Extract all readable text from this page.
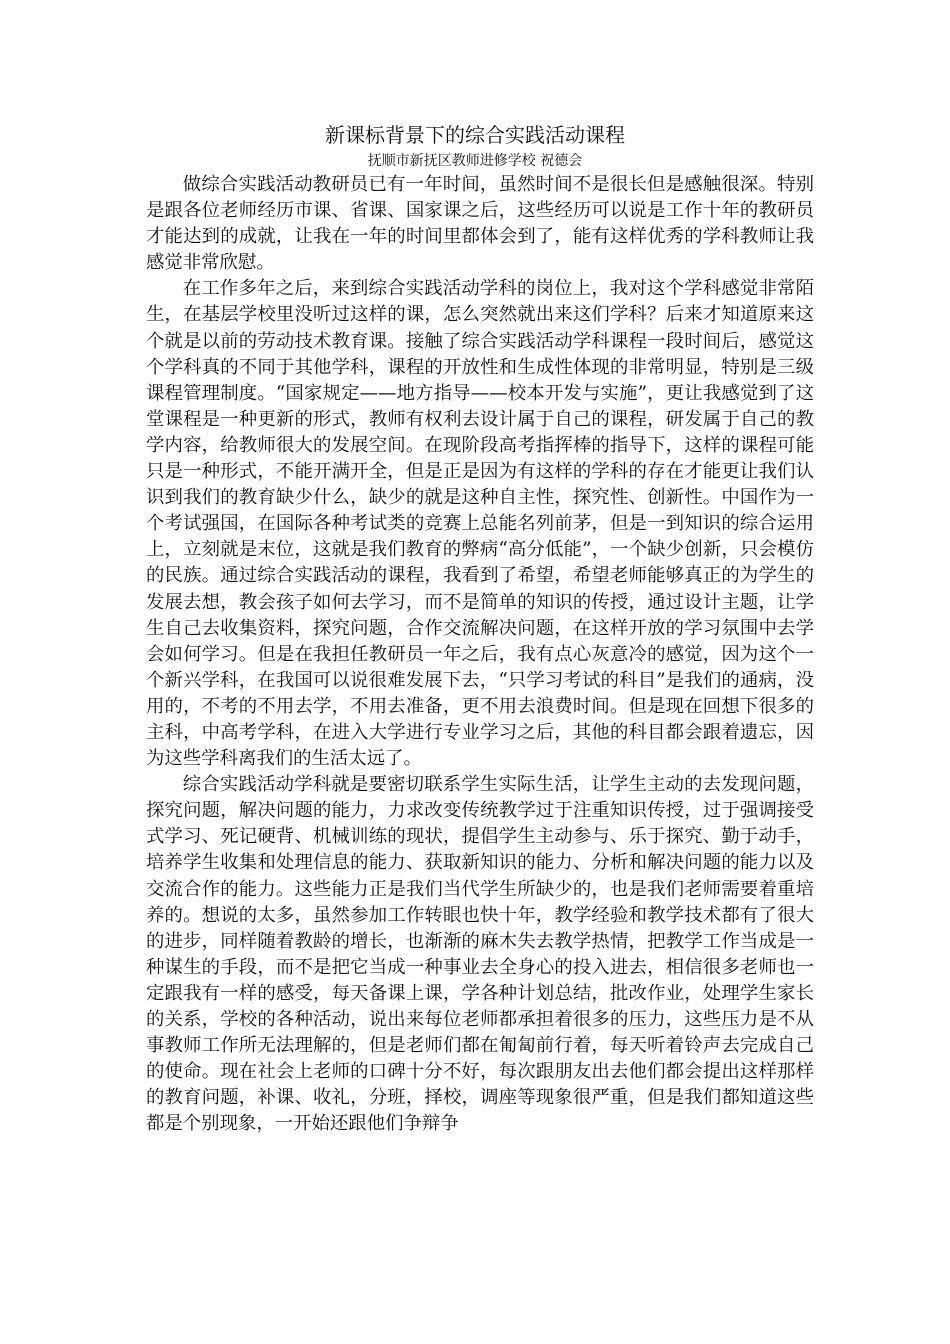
新课标背景下的综合实践活动课程
抚顺市新抚区教师进修学校 祝德会

做综合实践活动教研员已有一年时间，虽然时间不是很长但是感触很深。特别是跟各位老师经历市课、省课、国家课之后，这些经历可以说是工作十年的教研员才能达到的成就，让我在一年的时间里都体会到了，能有这样优秀的学科教师让我感觉非常欣慰。

在工作多年之后，来到综合实践活动学科的岗位上，我对这个学科感觉非常陌生，在基层学校里没听过这样的课，怎么突然就出来这们学科？后来才知道原来这个就是以前的劳动技术教育课。接触了综合实践活动学科课程一段时间后，感觉这个学科真的不同于其他学科，课程的开放性和生成性体现的非常明显，特别是三级课程管理制度。“国家规定——地方指导——校本开发与实施”，更让我感觉到了这堂课程是一种更新的形式，教师有权利去设计属于自己的课程，研发属于自己的教学内容，给教师很大的发展空间。在现阶段高考指挥棒的指导下，这样的课程可能只是一种形式，不能开满开全，但是正是因为有这样的学科的存在才能更让我们认识到我们的教育缺少什么，缺少的就是这种自主性，探究性、创新性。中国作为一个考试强国，在国际各种考试类的竞赛上总能名列前茅，但是一到知识的综合运用上，立刻就是末位，这就是我们教育的弊病“高分低能”，一个缺少创新，只会模仿的民族。通过综合实践活动的课程，我看到了希望，希望老师能够真正的为学生的发展去想，教会孩子如何去学习，而不是简单的知识的传授，通过设计主题，让学生自己去收集资料，探究问题，合作交流解决问题，在这样开放的学习氛围中去学会如何学习。但是在我担任教研员一年之后，我有点心灰意冷的感觉，因为这个一个新兴学科，在我国可以说很难发展下去，“只学习考试的科目”是我们的通病，没用的，不考的不用去学，不用去准备，更不用去浪费时间。但是现在回想下很多的主科，中高考学科，在进入大学进行专业学习之后，其他的科目都会跟着遗忘，因为这些学科离我们的生活太远了。

综合实践活动学科就是要密切联系学生实际生活，让学生主动的去发现问题，探究问题，解决问题的能力，力求改变传统教学过于注重知识传授，过于强调接受式学习、死记硬背、机械训练的现状，提倡学生主动参与、乐于探究、勤于动手，培养学生收集和处理信息的能力、获取新知识的能力、分析和解决问题的能力以及交流合作的能力。这些能力正是我们当代学生所缺少的，也是我们老师需要着重培养的。想说的太多，虽然参加工作转眼也快十年，教学经验和教学技术都有了很大的进步，同样随着教龄的增长，也渐渐的麻木失去教学热情，把教学工作当成是一种谋生的手段，而不是把它当成一种事业去全身心的投入进去，相信很多老师也一定跟我有一样的感受，每天备课上课，学各种计划总结，批改作业，处理学生家长的关系，学校的各种活动，说出来每位老师都承担着很多的压力，这些压力是不从事教师工作所无法理解的，但是老师们都在匍匐前行着，每天听着铃声去完成自己的使命。现在社会上老师的口碑十分不好，每次跟朋友出去他们都会提出这样那样的教育问题，补课、收礼，分班，择校，调座等现象很严重，但是我们都知道这些都是个别现象，一开始还跟他们争辩争
